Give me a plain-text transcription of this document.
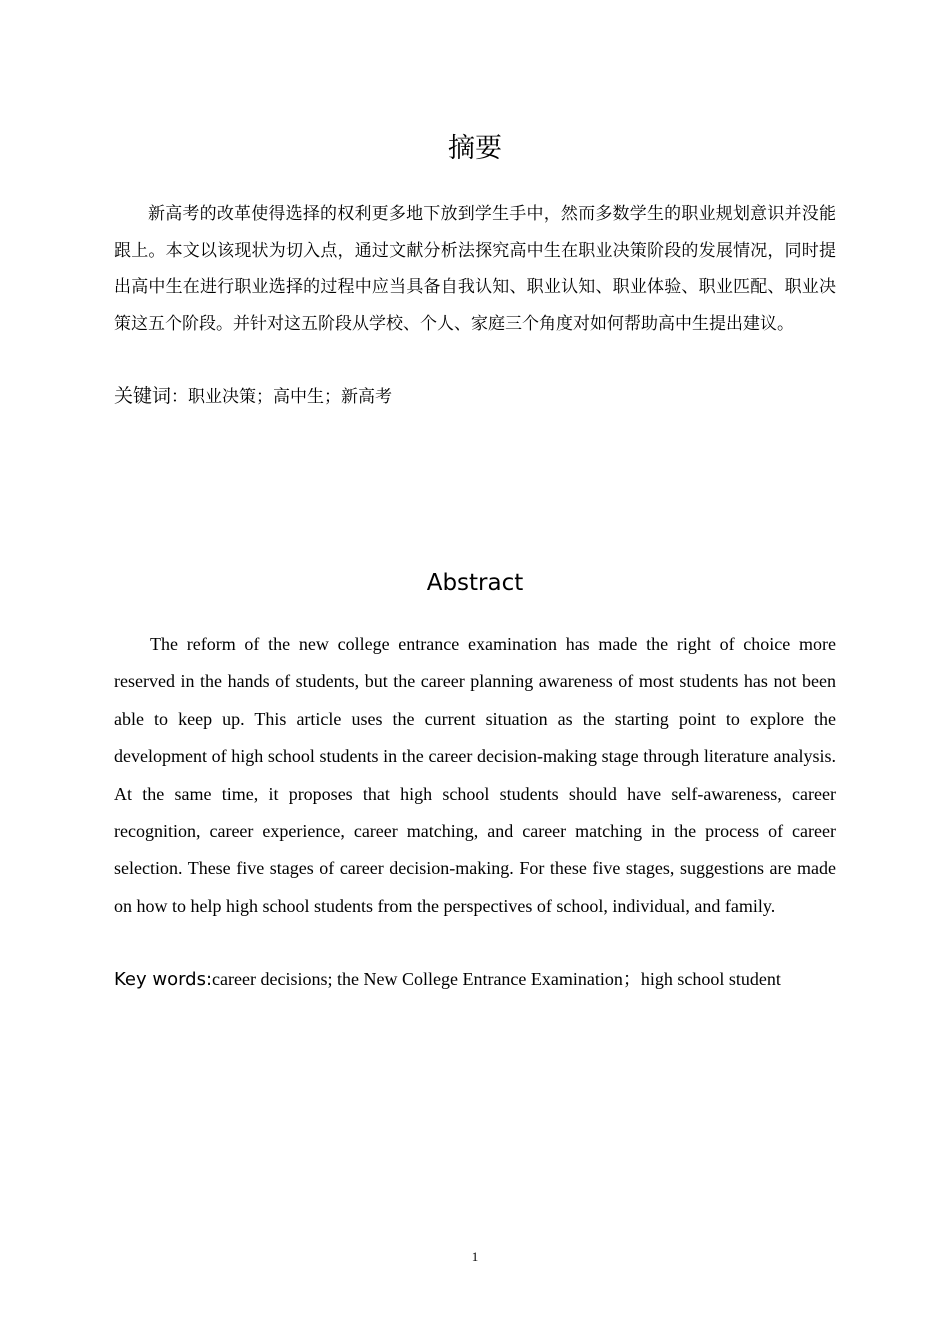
摘要

新高考的改革使得选择的权利更多地下放到学生手中，然而多数学生的职业规划意识并没能跟上。本文以该现状为切入点，通过文献分析法探究高中生在职业决策阶段的发展情况，同时提出高中生在进行职业选择的过程中应当具备自我认知、职业认知、职业体验、职业匹配、职业决策这五个阶段。并针对这五阶段从学校、个人、家庭三个角度对如何帮助高中生提出建议。

关键词：职业决策；高中生；新高考
Abstract

The reform of the new college entrance examination has made the right of choice more reserved in the hands of students, but the career planning awareness of most students has not been able to keep up. This article uses the current situation as the starting point to explore the development of high school students in the career decision-making stage through literature analysis. At the same time, it proposes that high school students should have self-awareness, career recognition, career experience, career matching, and career matching in the process of career selection. These five stages of career decision-making. For these five stages, suggestions are made on how to help high school students from the perspectives of school, individual, and family.

Key words:career decisions; the New College Entrance Examination；high school student
1
